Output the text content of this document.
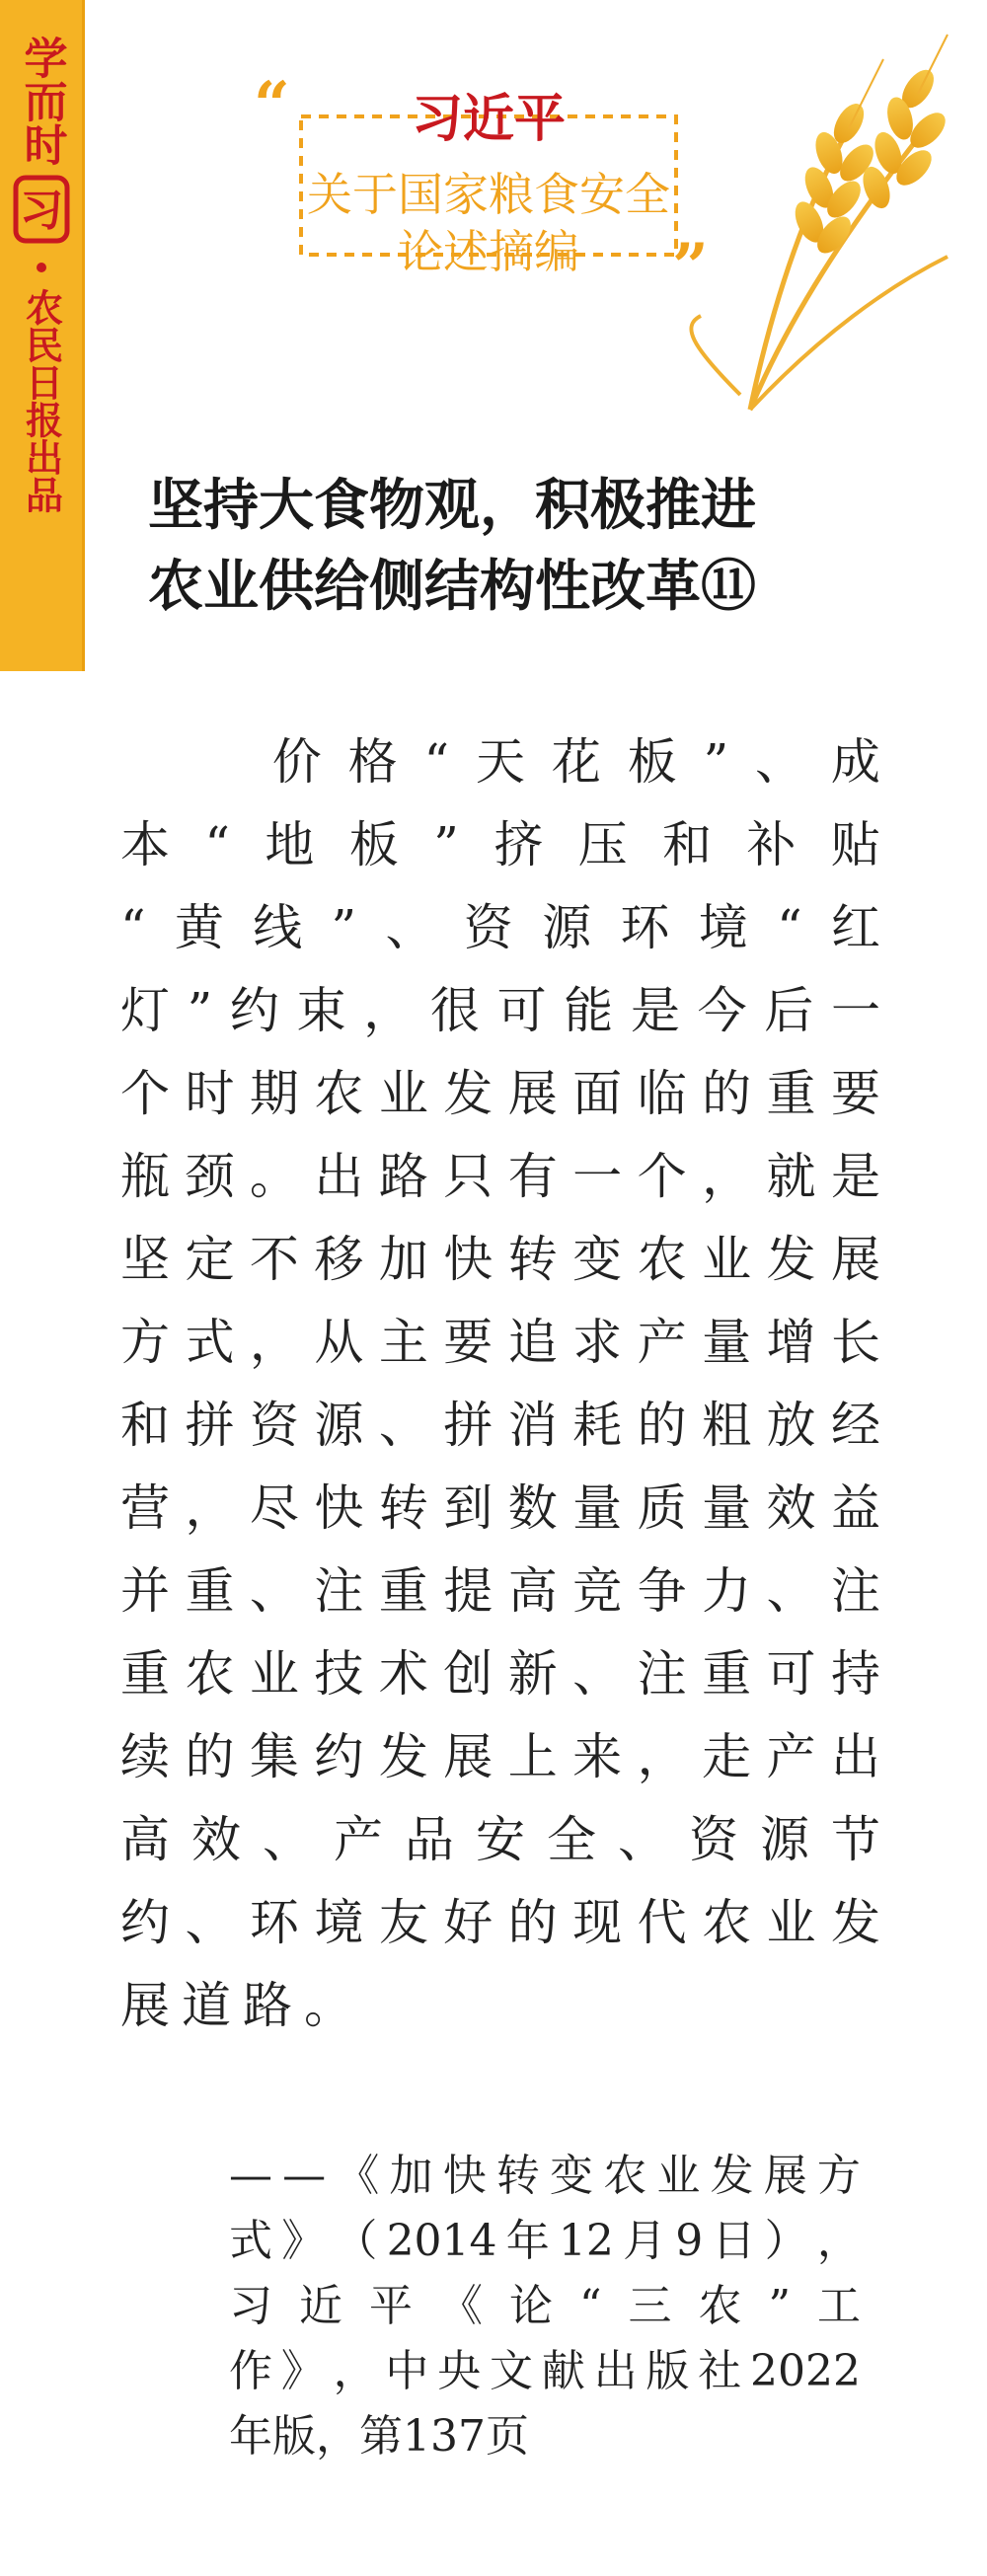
学而时
习
农民日报出品
“
”
习近平
关于国家粮食安全
论述摘编
坚持大食物观，积极推进
农业供给侧结构性改革⑪

价 格 “ 天 花 板 ” 、 成
本 “ 地 板 ” 挤 压 和 补 贴
“ 黄 线 ” 、 资 源 环 境 “ 红
灯 ” 约 束 ， 很 可 能 是 今 后 一
个 时 期 农 业 发 展 面 临 的 重 要
瓶 颈 。 出 路 只 有 一 个 ， 就 是
坚 定 不 移 加 快 转 变 农 业 发 展
方 式 ， 从 主 要 追 求 产 量 增 长
和 拼 资 源 、 拼 消 耗 的 粗 放 经
营 ， 尽 快 转 到 数 量 质 量 效 益
并 重 、 注 重 提 高 竞 争 力 、 注
重 农 业 技 术 创 新 、 注 重 可 持
续 的 集 约 发 展 上 来 ， 走 产 出
高 效 、 产 品 安 全 、 资 源 节
约 、 环 境 友 好 的 现 代 农 业 发
展 道 路 。
— — 《 加 快 转 变 农 业 发 展 方
式 》 （ 2014 年 12 月 9 日 ） ，
习 近 平 《 论 “ 三 农 ” 工
作 》 ， 中 央 文 献 出 版 社 2022
年 版 ， 第 137 页
